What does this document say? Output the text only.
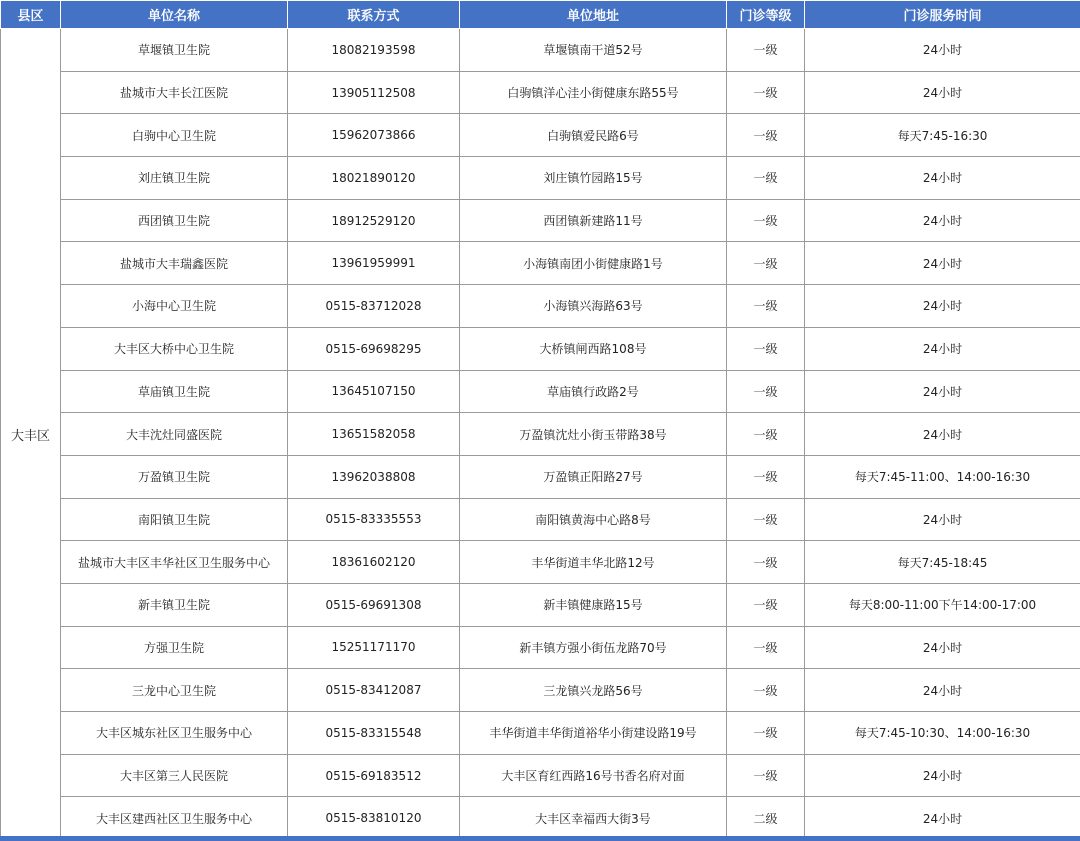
县区	单位名称	联系方式	单位地址	门诊等级	门诊服务时间
大丰区	草堰镇卫生院	18082193598	草堰镇南干道52号	一级	24小时
	盐城市大丰长江医院	13905112508	白驹镇洋心洼小街健康东路55号	一级	24小时
	白驹中心卫生院	15962073866	白驹镇爱民路6号	一级	每天7:45-16:30
	刘庄镇卫生院	18021890120	刘庄镇竹园路15号	一级	24小时
	西团镇卫生院	18912529120	西团镇新建路11号	一级	24小时
	盐城市大丰瑞鑫医院	13961959991	小海镇南团小街健康路1号	一级	24小时
	小海中心卫生院	0515-83712028	小海镇兴海路63号	一级	24小时
	大丰区大桥中心卫生院	0515-69698295	大桥镇闸西路108号	一级	24小时
	草庙镇卫生院	13645107150	草庙镇行政路2号	一级	24小时
	大丰沈灶同盛医院	13651582058	万盈镇沈灶小街玉带路38号	一级	24小时
	万盈镇卫生院	13962038808	万盈镇正阳路27号	一级	每天7:45-11:00、14:00-16:30
	南阳镇卫生院	0515-83335553	南阳镇黄海中心路8号	一级	24小时
	盐城市大丰区丰华社区卫生服务中心	18361602120	丰华街道丰华北路12号	一级	每天7:45-18:45
	新丰镇卫生院	0515-69691308	新丰镇健康路15号	一级	每天8:00-11:00下午14:00-17:00
	方强卫生院	15251171170	新丰镇方强小街伍龙路70号	一级	24小时
	三龙中心卫生院	0515-83412087	三龙镇兴龙路56号	一级	24小时
	大丰区城东社区卫生服务中心	0515-83315548	丰华街道丰华街道裕华小街建设路19号	一级	每天7:45-10:30、14:00-16:30
	大丰区第三人民医院	0515-69183512	大丰区育红西路16号书香名府对面	一级	24小时
	大丰区建西社区卫生服务中心	0515-83810120	大丰区幸福西大街3号	二级	24小时
